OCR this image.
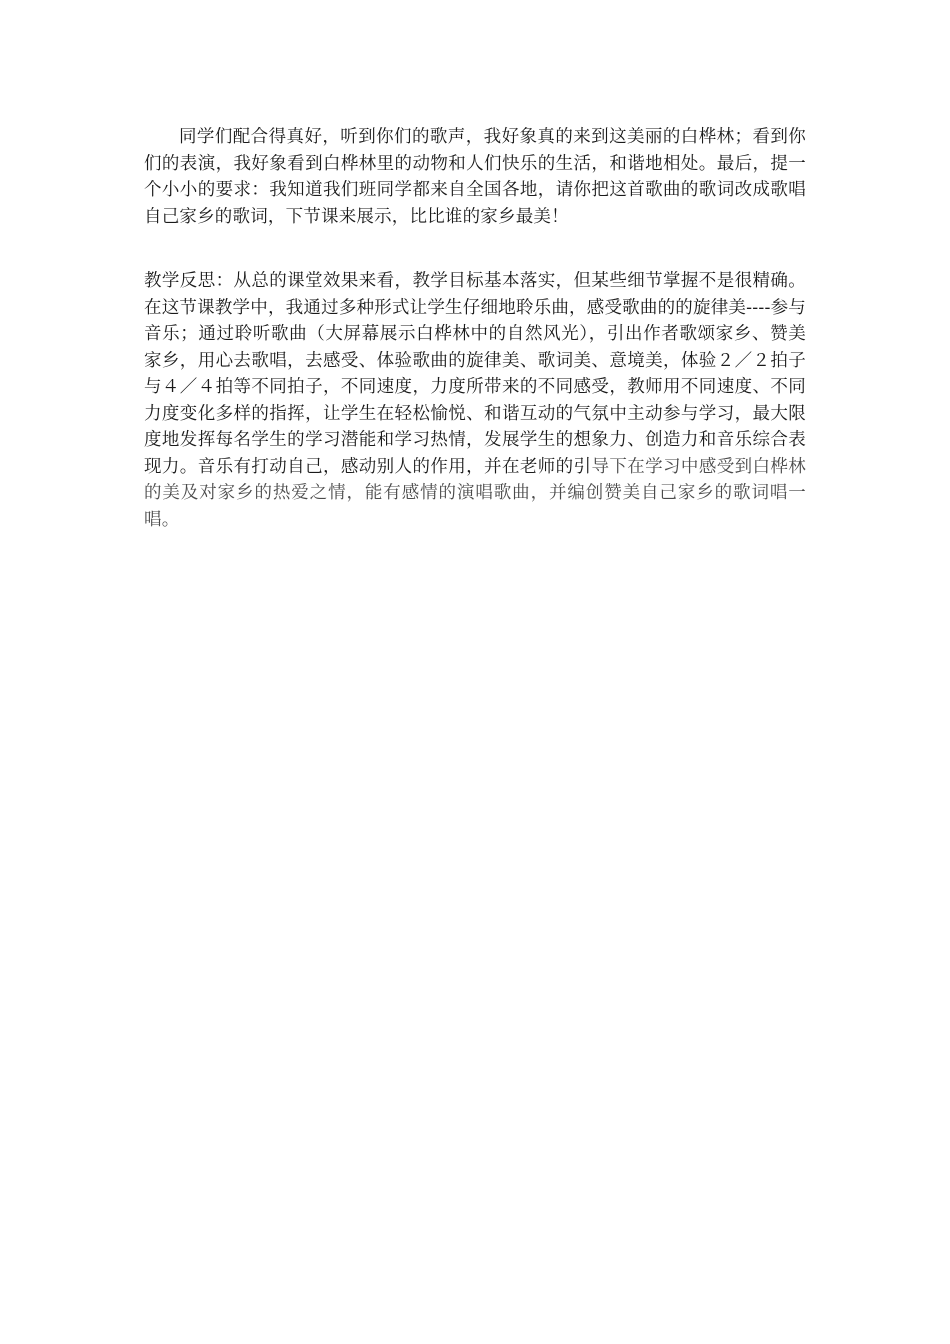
同学们配合得真好，听到你们的歌声，我好象真的来到这美丽的白桦林；看到你们的表演，我好象看到白桦林里的动物和人们快乐的生活，和谐地相处。最后，提一个小小的要求：我知道我们班同学都来自全国各地，请你把这首歌曲的歌词改成歌唱自己家乡的歌词，下节课来展示，比比谁的家乡最美！

教学反思：从总的课堂效果来看，教学目标基本落实，但某些细节掌握不是很精确。在这节课教学中，我通过多种形式让学生仔细地聆乐曲，感受歌曲的的旋律美----参与音乐；通过聆听歌曲（大屏幕展示白桦林中的自然风光），引出作者歌颂家乡、赞美家乡，用心去歌唱，去感受、体验歌曲的旋律美、歌词美、意境美，体验２／２拍子与４／４拍等不同拍子，不同速度，力度所带来的不同感受，教师用不同速度、不同力度变化多样的指挥，让学生在轻松愉悦、和谐互动的气氛中主动参与学习，最大限度地发挥每名学生的学习潜能和学习热情，发展学生的想象力、创造力和音乐综合表现力。音乐有打动自己，感动别人的作用，并在老师的引导下在学习中感受到白桦林的美及对家乡的热爱之情，能有感情的演唱歌曲，并编创赞美自己家乡的歌词唱一唱。
